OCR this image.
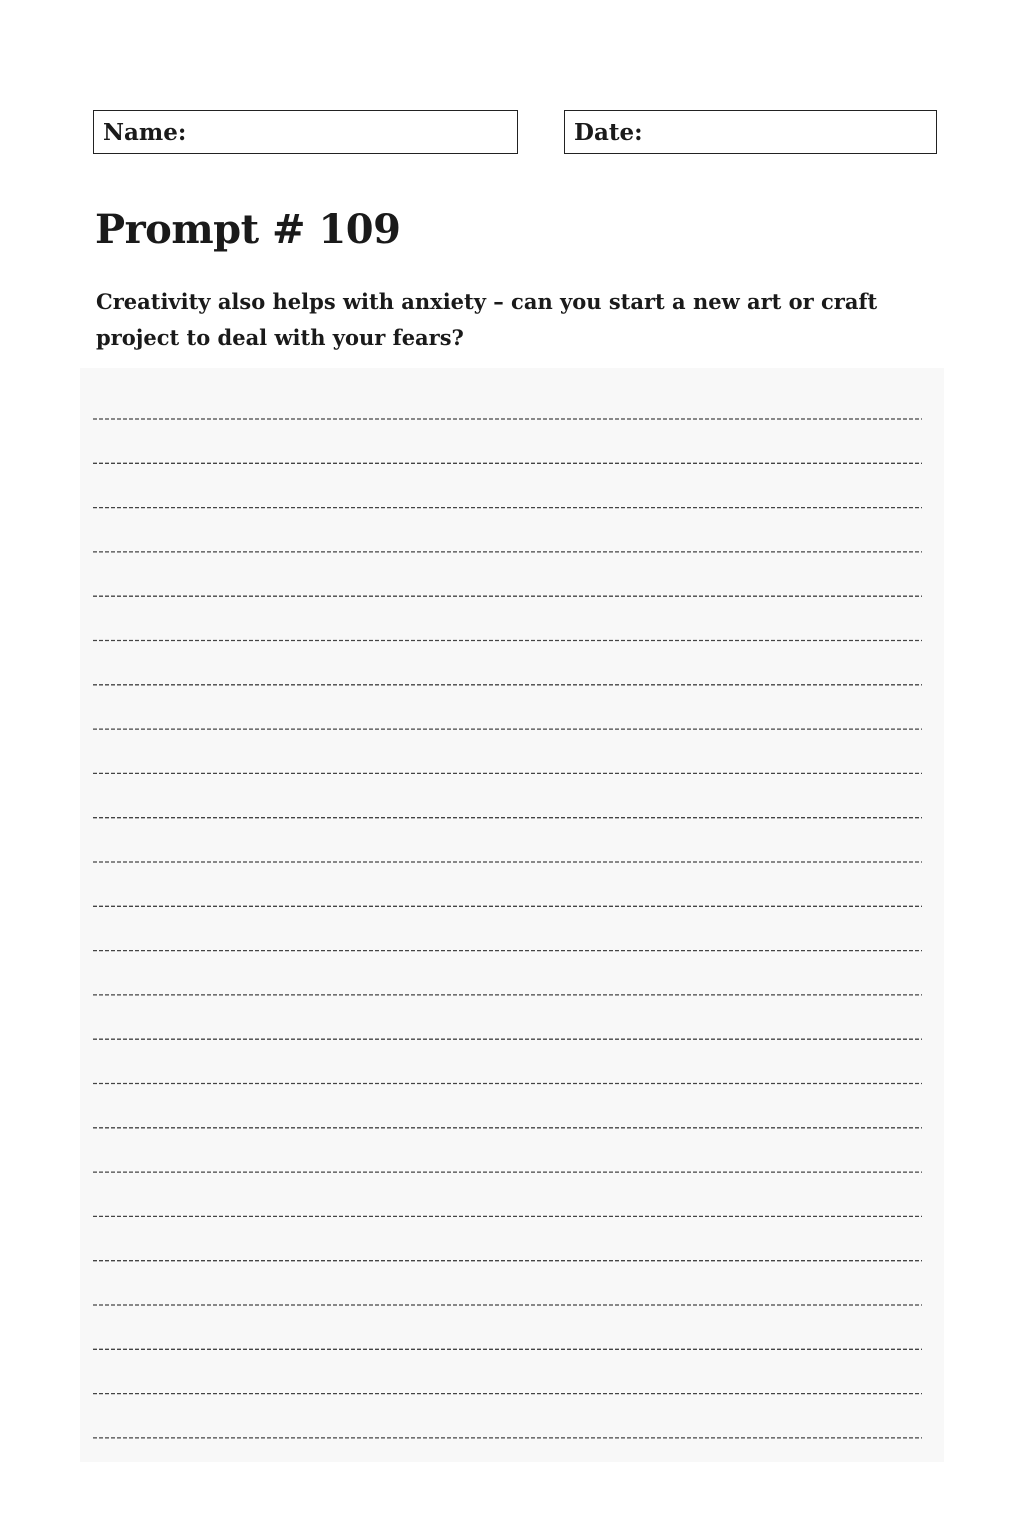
Name:	Date:
Prompt # 109

Creativity also helps with anxiety – can you start a new art or craft project to deal with your fears?
